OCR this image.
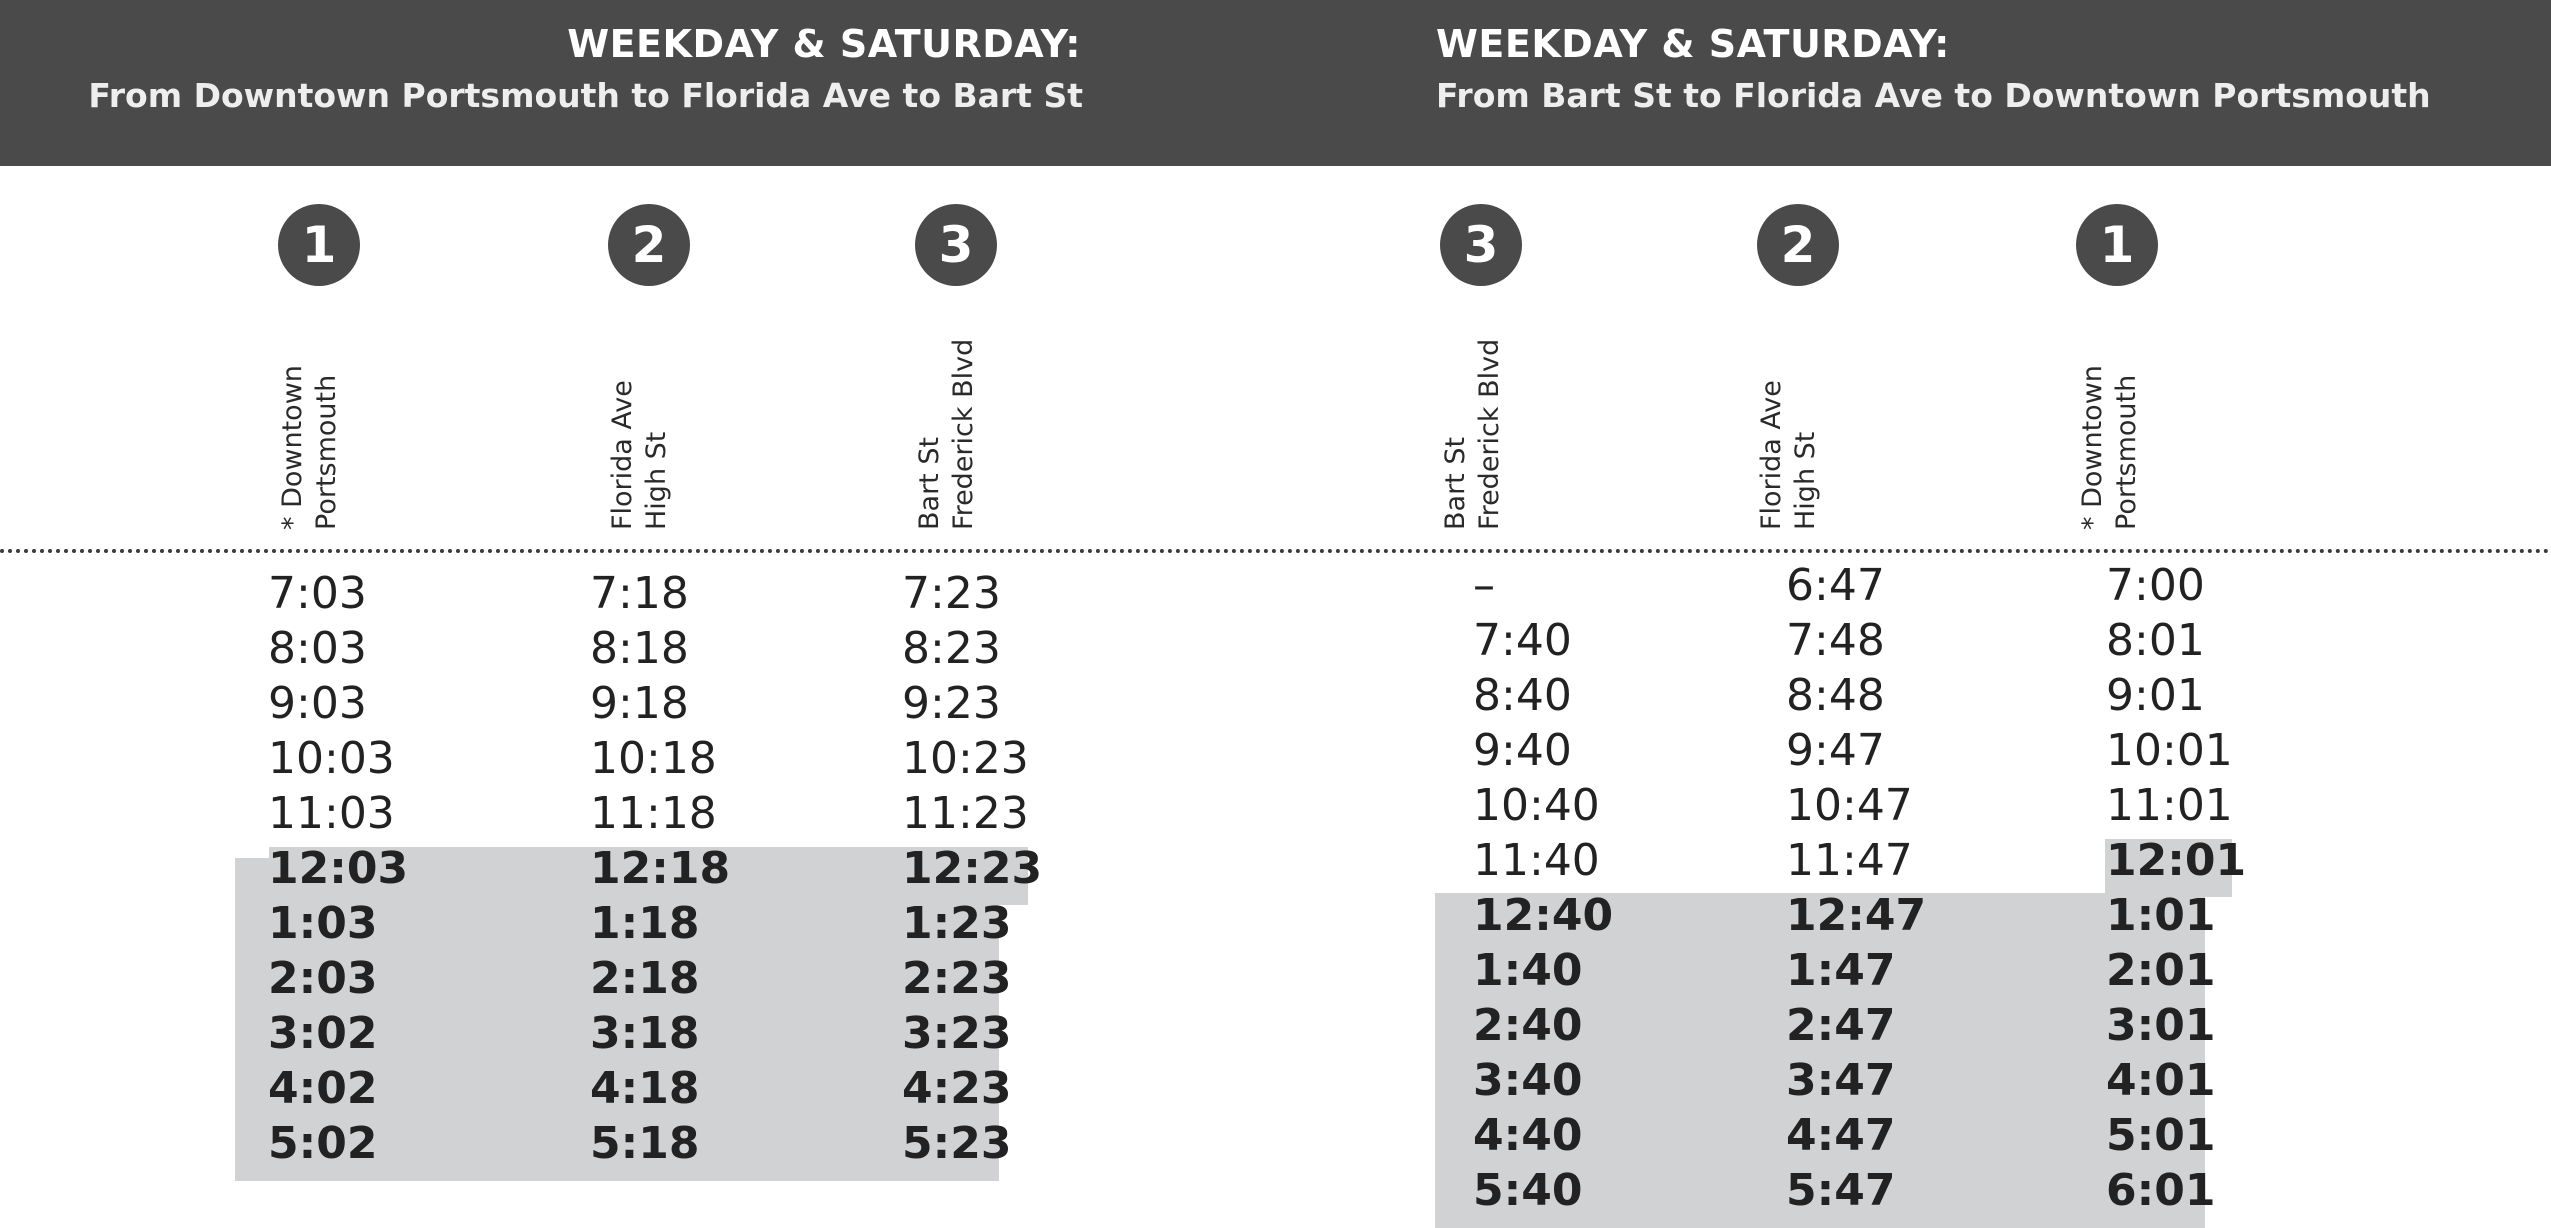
WEEKDAY & SATURDAY:
From Downtown Portsmouth to Florida Ave to Bart St
WEEKDAY & SATURDAY:
From Bart St to Florida Ave to Downtown Portsmouth
1	2	3	3	2	1
* Downtown Portsmouth	Florida Ave High St	Bart St Frederick Blvd	Bart St Frederick Blvd	Florida Ave High St	* Downtown Portsmouth
7:03	7:18	7:23
8:03	8:18	8:23
9:03	9:18	9:23
10:03	10:18	10:23
11:03	11:18	11:23
12:03	12:18	12:23
1:03	1:18	1:23
2:03	2:18	2:23
3:02	3:18	3:23
4:02	4:18	4:23
5:02	5:18	5:23
–	6:47	7:00
7:40	7:48	8:01
8:40	8:48	9:01
9:40	9:47	10:01
10:40	10:47	11:01
11:40	11:47	12:01
12:40	12:47	1:01
1:40	1:47	2:01
2:40	2:47	3:01
3:40	3:47	4:01
4:40	4:47	5:01
5:40	5:47	6:01
